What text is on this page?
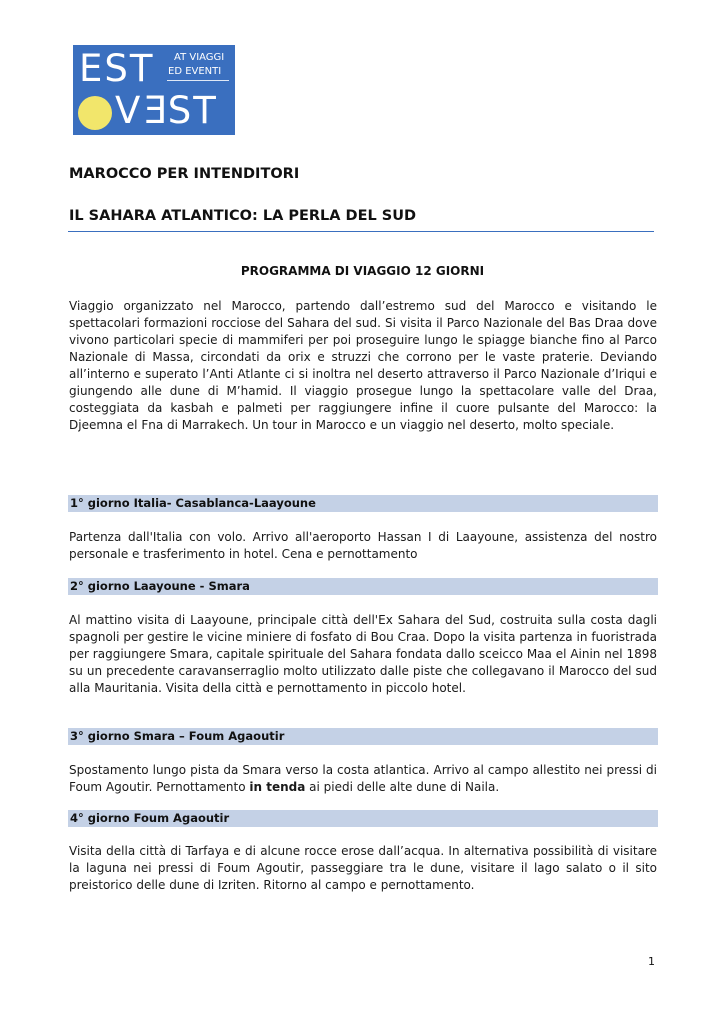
EST AT VIAGGI
ED EVENTI
VEST
MAROCCO PER INTENDITORI
IL SAHARA ATLANTICO: LA PERLA DEL SUD
PROGRAMMA DI VIAGGIO 12 GIORNI

Viaggio organizzato nel Marocco, partendo dall’estremo sud del Marocco e visitando le spettacolari formazioni rocciose del Sahara del sud. Si visita il Parco Nazionale del Bas Draa dove vivono particolari specie di mammiferi per poi proseguire lungo le spiagge bianche fino al Parco Nazionale di Massa, circondati da orix e struzzi che corrono per le vaste praterie. Deviando all’interno e superato l’Anti Atlante ci si inoltra nel deserto attraverso il Parco Nazionale d’Iriqui e giungendo alle dune di M’hamid. Il viaggio prosegue lungo la spettacolare valle del Draa, costeggiata da kasbah e palmeti per raggiungere infine il cuore pulsante del Marocco: la Djeemna el Fna di Marrakech. Un tour in Marocco e un viaggio nel deserto, molto speciale.

1° giorno Italia- Casablanca-Laayoune

Partenza dall'Italia con volo. Arrivo all'aeroporto Hassan I di Laayoune, assistenza del nostro personale e trasferimento in hotel. Cena e pernottamento

2° giorno Laayoune - Smara

Al mattino visita di Laayoune, principale città dell'Ex Sahara del Sud, costruita sulla costa dagli spagnoli per gestire le vicine miniere di fosfato di Bou Craa. Dopo la visita partenza in fuoristrada per raggiungere Smara, capitale spirituale del Sahara fondata dallo sceicco Maa el Ainin nel 1898 su un precedente caravanserraglio molto utilizzato dalle piste che collegavano il Marocco del sud alla Mauritania. Visita della città e pernottamento in piccolo hotel.

3° giorno Smara – Foum Agaoutir

Spostamento lungo pista da Smara verso la costa atlantica. Arrivo al campo allestito nei pressi di Foum Agoutir. Pernottamento in tenda ai piedi delle alte dune di Naila.

4° giorno Foum Agaoutir

Visita della città di Tarfaya e di alcune rocce erose dall’acqua. In alternativa possibilità di visitare la laguna nei pressi di Foum Agoutir, passeggiare tra le dune, visitare il lago salato o il sito preistorico delle dune di Izriten. Ritorno al campo e pernottamento.

1
